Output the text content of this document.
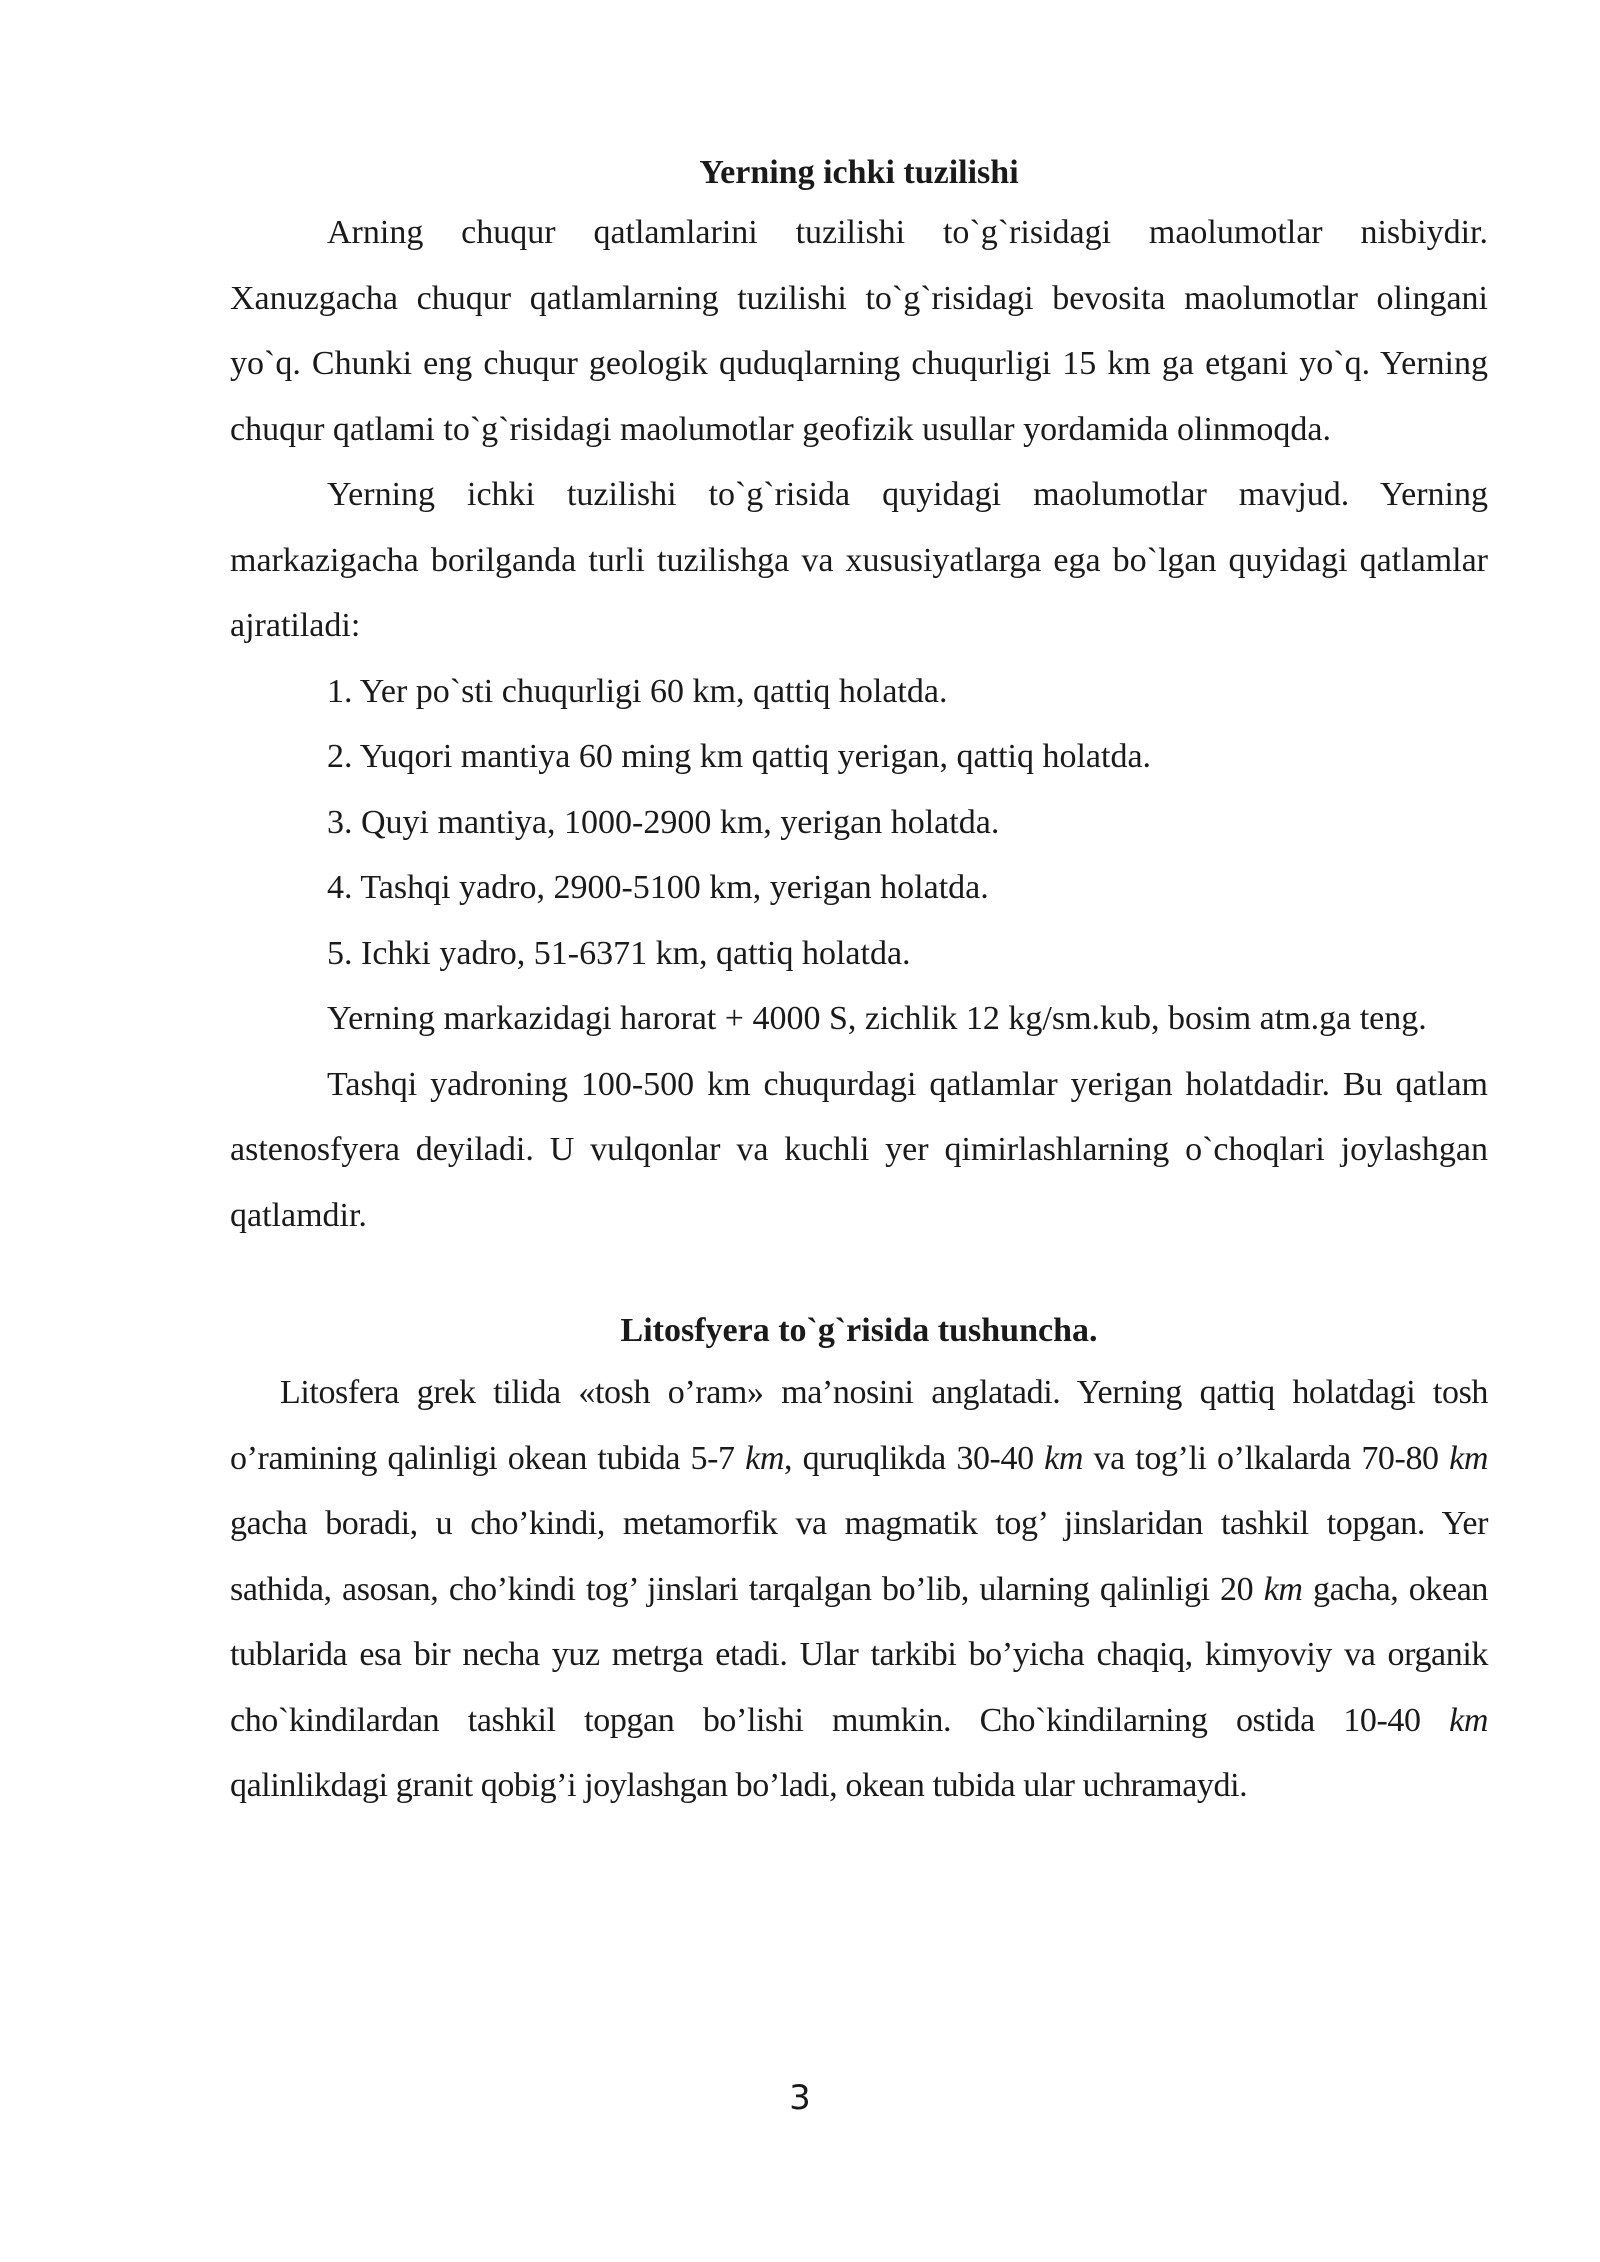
Yerning ichki tuzilishi

Arning chuqur qatlamlarini tuzilishi to`g`risidagi maolumotlar nisbiydir. Xanuzgacha chuqur qatlamlarning tuzilishi to`g`risidagi bevosita maolumotlar olingani yo`q. Chunki eng chuqur geologik quduqlarning chuqurligi 15 km ga etgani yo`q. Yerning chuqur qatlami to`g`risidagi maolumotlar geofizik usullar yordamida olinmoqda.

Yerning ichki tuzilishi to`g`risida quyidagi maolumotlar mavjud. Yerning markazigacha borilganda turli tuzilishga va xususiyatlarga ega bo`lgan quyidagi qatlamlar ajratiladi:

1. Yer po`sti chuqurligi 60 km, qattiq holatda.

2. Yuqori mantiya 60 ming km qattiq yerigan, qattiq holatda.

3. Quyi mantiya, 1000-2900 km, yerigan holatda.

4. Tashqi yadro, 2900-5100 km, yerigan holatda.

5. Ichki yadro, 51-6371 km, qattiq holatda.

Yerning markazidagi harorat + 4000 S, zichlik 12 kg/sm.kub, bosim atm.ga teng.

Tashqi yadroning 100-500 km chuqurdagi qatlamlar yerigan holatdadir. Bu qatlam astenosfyera deyiladi. U vulqonlar va kuchli yer qimirlashlarning o`choqlari joylashgan qatlamdir.

Litosfyera to`g`risida tushuncha.

Litosfera grek tilida «tosh o’ram» ma’nosini anglatadi. Yerning qattiq holatdagi tosh o’ramining qalinligi okean tubida 5-7 km, quruqlikda 30-40 km va tog’li o’lkalarda 70-80 km gacha boradi, u cho’kindi, metamorfik va magmatik tog’ jinslaridan tashkil topgan. Yer sathida, asosan, cho’kindi tog’ jinslari tarqalgan bo’lib, ularning qalinligi 20 km gacha, okean tublarida esa bir necha yuz metrga etadi. Ular tarkibi bo’yicha chaqiq, kimyoviy va organik cho`kindilardan tashkil topgan bo’lishi mumkin. Cho`kindilarning ostida 10-40 km qalinlikdagi granit qobig’i joylashgan bo’ladi, okean tubida ular uchramaydi.

3
